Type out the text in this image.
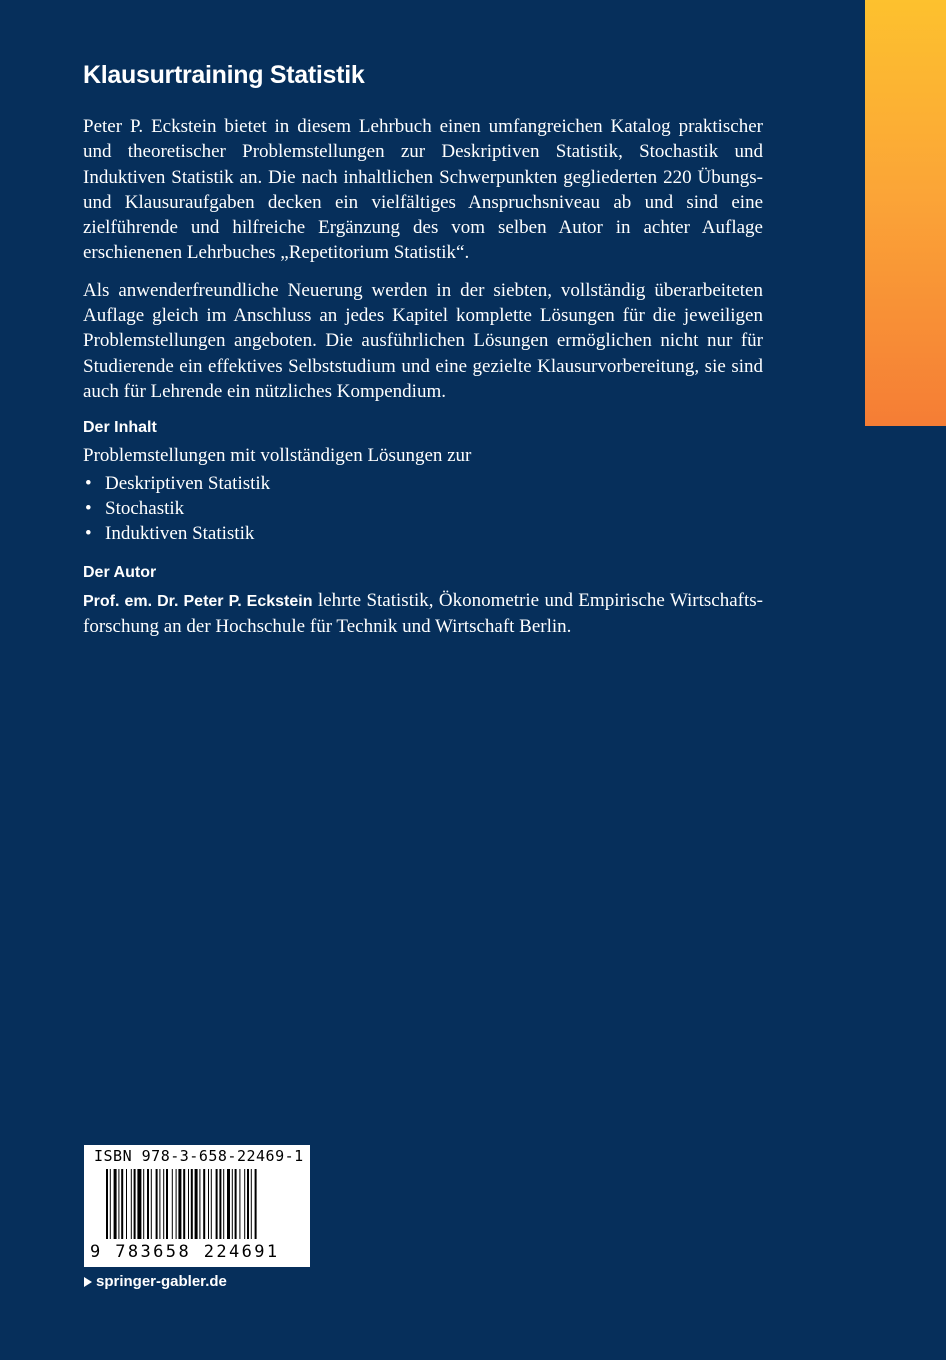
Klausurtraining Statistik

Peter P. Eckstein bietet in diesem Lehrbuch einen umfangreichen Katalog praktischer und theoretischer Problemstellungen zur Deskriptiven Statistik, Stochastik und Induktiven Statistik an. Die nach inhaltlichen Schwerpunkten gegliederten 220 Übungs- und Klausuraufgaben decken ein vielfältiges Anspruchsniveau ab und sind eine zielführende und hilfreiche Ergänzung des vom selben Autor in achter Auflage erschienenen Lehrbuches „Repetitorium Statistik“.

Als anwenderfreundliche Neuerung werden in der siebten, vollständig überarbeiteten Auflage gleich im Anschluss an jedes Kapitel komplette Lösungen für die jeweiligen Problemstellungen angeboten. Die ausführlichen Lösungen ermöglichen nicht nur für Studierende ein effektives Selbststudium und eine gezielte Klausurvorbereitung, sie sind auch für Lehrende ein nützliches Kompendium.

Der Inhalt
Problemstellungen mit vollständigen Lösungen zur
• Deskriptiven Statistik
• Stochastik
• Induktiven Statistik
Der Autor

Prof. em. Dr. Peter P. Eckstein lehrte Statistik, Ökonometrie und Empirische Wirtschaftsforschung an der Hochschule für Technik und Wirtschaft Berlin.

ISBN 978-3-658-22469-1
9 783658 224691
springer-gabler.de
